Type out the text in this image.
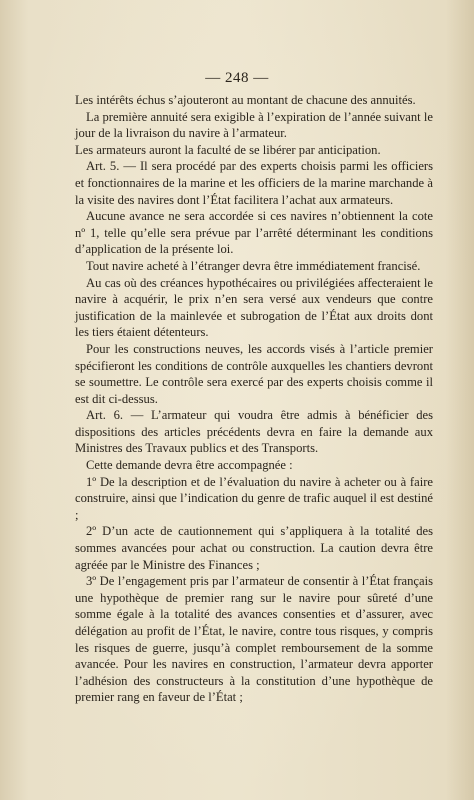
— 248 —

Les intérêts échus s’ajouteront au montant de chacune des annuités.

La première annuité sera exigible à l’expiration de l’année suivant le jour de la livraison du navire à l’armateur.

Les armateurs auront la faculté de se libérer par anticipation.

Art. 5. — Il sera procédé par des experts choisis parmi les officiers et fonctionnaires de la marine et les officiers de la marine marchande à la visite des navires dont l’État facilitera l’achat aux armateurs.

Aucune avance ne sera accordée si ces navires n’obtiennent la cote nº 1, telle qu’elle sera prévue par l’arrêté déterminant les conditions d’application de la présente loi.

Tout navire acheté à l’étranger devra être immédiatement francisé.

Au cas où des créances hypothécaires ou privilégiées affecteraient le navire à acquérir, le prix n’en sera versé aux vendeurs que contre justification de la mainlevée et subrogation de l’État aux droits dont les tiers étaient détenteurs.

Pour les constructions neuves, les accords visés à l’article premier spécifieront les conditions de contrôle auxquelles les chantiers devront se soumettre. Le contrôle sera exercé par des experts choisis comme il est dit ci-dessus.

Art. 6. — L’armateur qui voudra être admis à bénéficier des dispositions des articles précédents devra en faire la demande aux Ministres des Travaux publics et des Transports.

Cette demande devra être accompagnée :

1º De la description et de l’évaluation du navire à acheter ou à faire construire, ainsi que l’indication du genre de trafic auquel il est destiné ;

2º D’un acte de cautionnement qui s’appliquera à la totalité des sommes avancées pour achat ou construction. La caution devra être agréée par le Ministre des Finances ;

3º De l’engagement pris par l’armateur de consentir à l’État français une hypothèque de premier rang sur le navire pour sûreté d’une somme égale à la totalité des avances consenties et d’assurer, avec délégation au profit de l’État, le navire, contre tous risques, y compris les risques de guerre, jusqu’à complet remboursement de la somme avancée. Pour les navires en construction, l’armateur devra apporter l’adhésion des constructeurs à la constitution d’une hypothèque de premier rang en faveur de l’État ;
